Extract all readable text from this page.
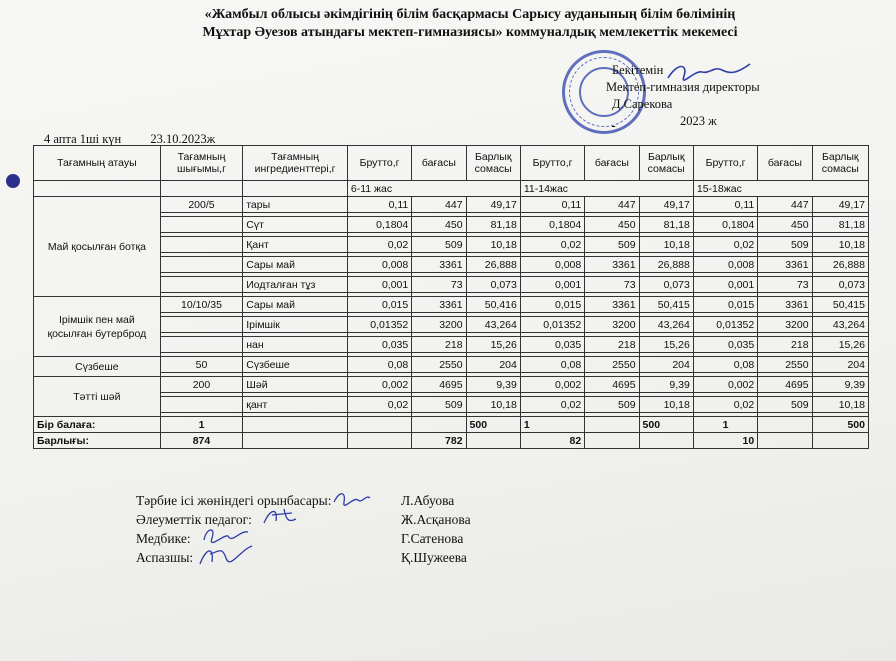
«Жамбыл облысы әкімдігінің білім басқармасы Сарысу ауданының білім бөлімінің
Мұхтар Әуезов атындағы мектеп-гимназиясы» коммуналдық мемлекеттік мекемесі
Бекітемін
Мектеп-гимназия директоры
Д.Сарекова
2023 ж
4 апта 1ші күн 23.10.2023ж
Тағамның атауы	Тағамның шығымы,г	Тағамның ингредиенттері,г	Брутто,г	бағасы	Барлық сомасы	Брутто,г	бағасы	Барлық сомасы	Брутто,г	бағасы	Барлық сомасы
			6-11 жас			11-14жас			15-18жас		
Май қосылған ботқа	200/5	тары	0,11	447	49,17	0,11	447	49,17	0,11	447	49,17

		Сүт	0,1804	450	81,18	0,1804	450	81,18	0,1804	450	81,18

		Қант	0,02	509	10,18	0,02	509	10,18	0,02	509	10,18

		Сары май	0,008	3361	26,888	0,008	3361	26,888	0,008	3361	26,888

		Иодталған тұз	0,001	73	0,073	0,001	73	0,073	0,001	73	0,073

Ірімшік пен май қосылған бутерброд	10/10/35	Сары май	0,015	3361	50,416	0,015	3361	50,415	0,015	3361	50,415

		Ірімшік	0,01352	3200	43,264	0,01352	3200	43,264	0,01352	3200	43,264

		нан	0,035	218	15,26	0,035	218	15,26	0,035	218	15,26

Сүзбеше	50	Сүзбеше	0,08	2550	204	0,08	2550	204	0,08	2550	204

Тәтті шәй	200	Шәй	0,002	4695	9,39	0,002	4695	9,39	0,002	4695	9,39

		қант	0,02	509	10,18	0,02	509	10,18	0,02	509	10,18

Бір балаға:	1				500	1		500	1		500
Барлығы:	874			782		82			10		
Тәрбие ісі жөніндегі орынбасары:	Л.Абуова
Әлеуметтік педагог:	Ж.Асқанова
Медбике:	Г.Сатенова
Аспазшы:	Қ.Шужеева
